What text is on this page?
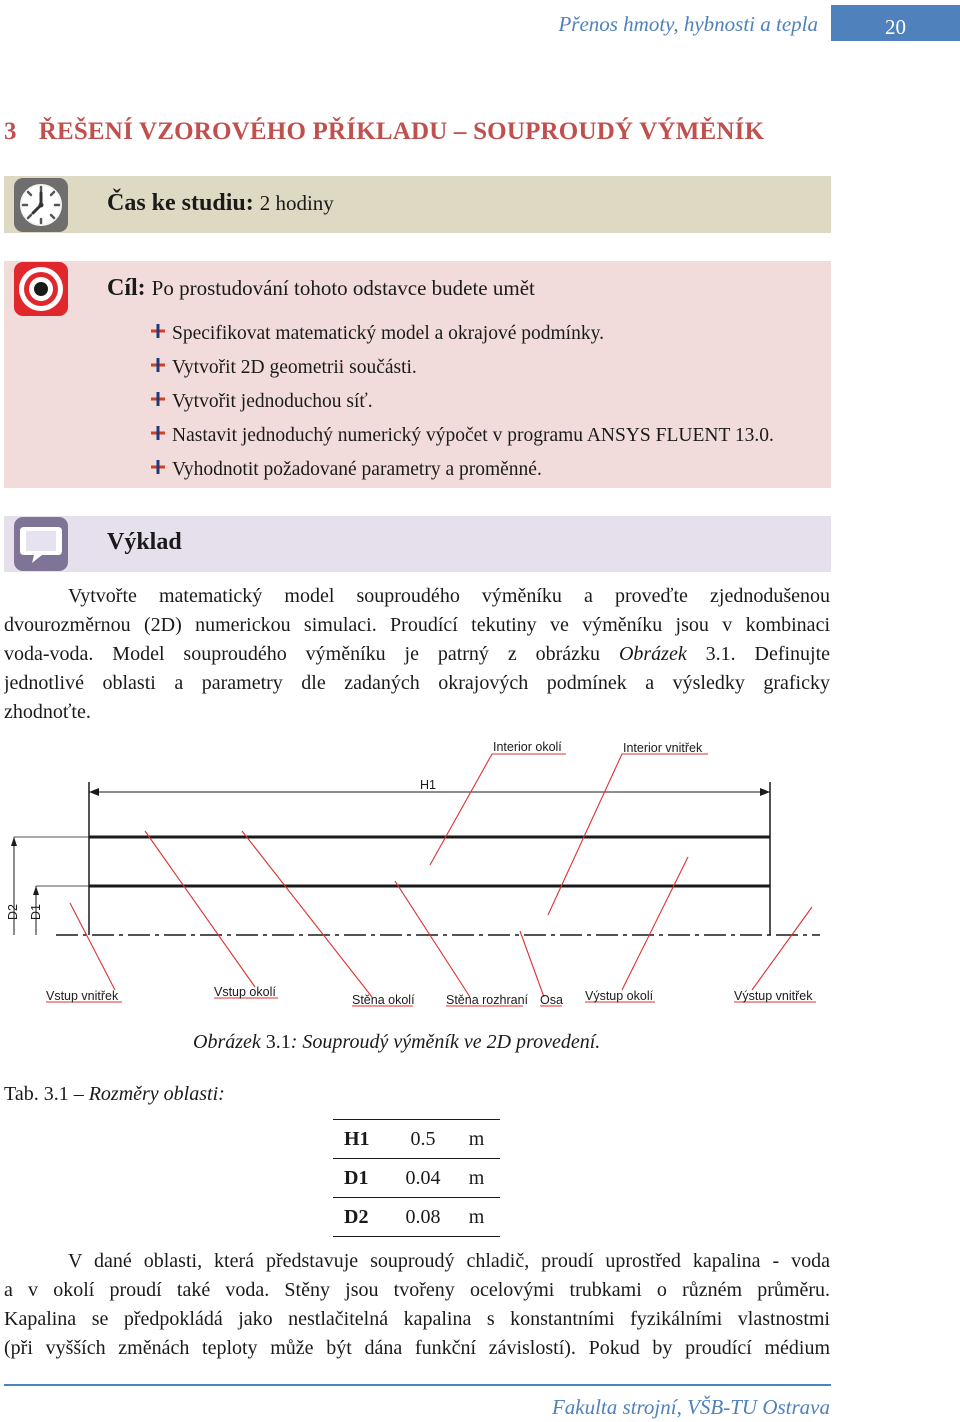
Přenos hmoty, hybnosti a tepla	20
3 ŘEŠENÍ VZOROVÉHO PŘÍKLADU – SOUPROUDÝ VÝMĚNÍK
Čas ke studiu: 2 hodiny
Cíl: Po prostudování tohoto odstavce budete umět
Specifikovat matematický model a okrajové podmínky.
Vytvořit 2D geometrii součásti.
Vytvořit jednoduchou síť.
Nastavit jednoduchý numerický výpočet v programu ANSYS FLUENT 13.0.
Vyhodnotit požadované parametry a proměnné.
Výklad
Vytvořte matematický model souproudého výměníku a proveďte zjednodušenou
dvourozměrnou (2D) numerickou simulaci. Proudící tekutiny ve výměníku jsou v kombinaci
voda-voda. Model souproudého výměníku je patrný z obrázku Obrázek 3.1. Definujte
jednotlivé oblasti a parametry dle zadaných okrajových podmínek a výsledky graficky
zhodnoťte.
Interior okolí	Interior vnitřek
H1
D2 D1
Vstup vnitřek	Vstup okolí
Stěna okolí	Stěna rozhraní Osa Výstup okolí	Výstup vnitřek
Obrázek 3.1: Souproudý výměník ve 2D provedení.
Tab. 3.1 – Rozměry oblasti:
H1	0.5	m
D1	0.04	m
D2	0.08	m
V dané oblasti, která představuje souproudý chladič, proudí uprostřed kapalina - voda
a v okolí proudí také voda. Stěny jsou tvořeny ocelovými trubkami o různém průměru.
Kapalina se předpokládá jako nestlačitelná kapalina s konstantními fyzikálními vlastnostmi
(při vyšších změnách teploty může být dána funkční závislostí). Pokud by proudící médium
Fakulta strojní, VŠB-TU Ostrava
